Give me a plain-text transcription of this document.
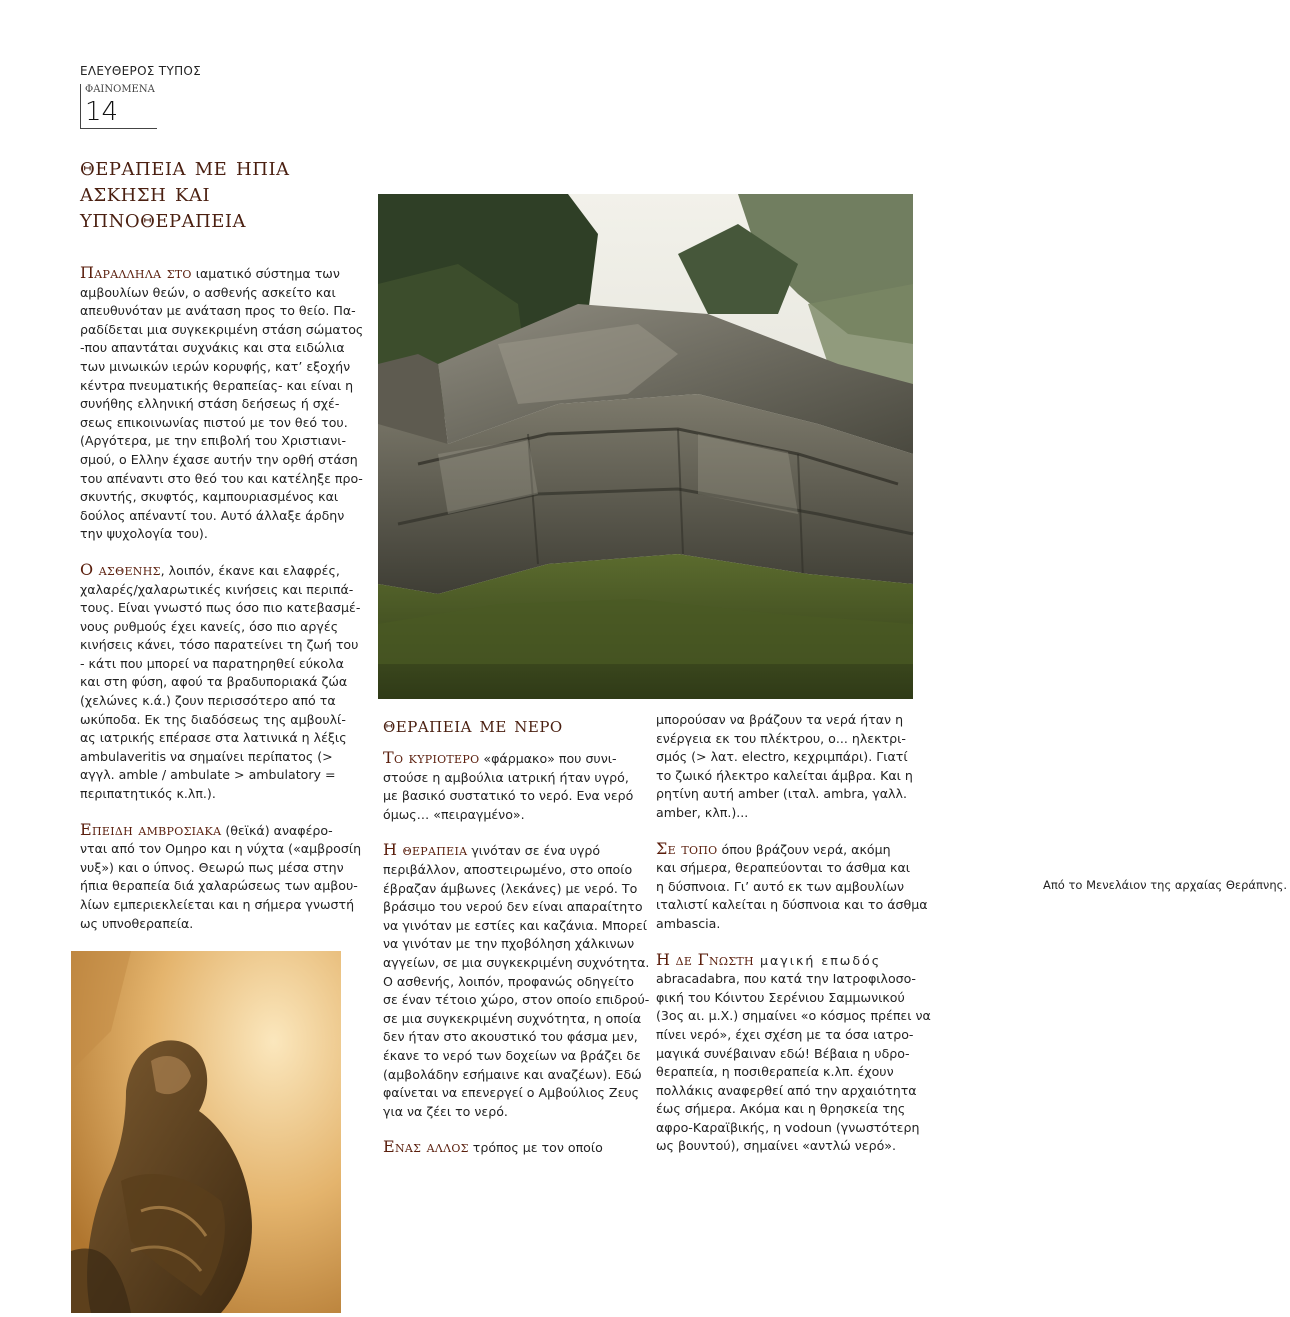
ΕΛΕΥΘΕΡΟΣ ΤΥΠΟΣ
ΦΑΙΝΟΜΕΝΑ
14
θεραπεια με ηπια
ασκηση και
υπνοθεραπεια

Παραλληλα στο ιαματικό σύστημα των
αμβουλίων θεών, ο ασθενής ασκείτο και
απευθυνόταν με ανάταση προς το θείο. Πα-
ραδίδεται μια συγκεκριμένη στάση σώματος
-που απαντάται συχνάκις και στα ειδώλια
των μινωικών ιερών κορυφής, κατ’ εξοχήν
κέντρα πνευματικής θεραπείας- και είναι η
συνήθης ελληνική στάση δεήσεως ή σχέ-
σεως επικοινωνίας πιστού με τον θεό του.
(Αργότερα, με την επιβολή του Χριστιανι-
σμού, ο Ελλην έχασε αυτήν την ορθή στάση
του απέναντι στο θεό του και κατέληξε προ-
σκυντής, σκυφτός, καμπουριασμένος και
δούλος απέναντί του. Αυτό άλλαξε άρδην
την ψυχολογία του).

Ο ασθενης, λοιπόν, έκανε και ελαφρές,
χαλαρές/χαλαρωτικές κινήσεις και περιπά-
τους. Είναι γνωστό πως όσο πιο κατεβασμέ-
νους ρυθμούς έχει κανείς, όσο πιο αργές
κινήσεις κάνει, τόσο παρατείνει τη ζωή του
- κάτι που μπορεί να παρατηρηθεί εύκολα
και στη φύση, αφού τα βραδυποριακά ζώα
(χελώνες κ.ά.) ζουν περισσότερο από τα
ωκύποδα. Εκ της διαδόσεως της αμβουλί-
ας ιατρικής επέρασε στα λατινικά η λέξις
ambulaveritis να σημαίνει περίπατος (>
αγγλ. amble / ambulate > ambulatory =
περιπατητικός κ.λπ.).

Επειδη αμβροσιακα (θεϊκά) αναφέρο-
νται από τον Ομηρο και η νύχτα («αμβροσίη
νυξ») και ο ύπνος. Θεωρώ πως μέσα στην
ήπια θεραπεία διά χαλαρώσεως των αμβου-
λίων εμπεριεκλείεται και η σήμερα γνωστή
ως υπνοθεραπεία.

Από το Μενελάιον της αρχαίας Θεράπνης.
θεραπεια με νερο

Το κυριοτερο «φάρμακο» που συνι-
στούσε η αμβούλια ιατρική ήταν υγρό,
με βασικό συστατικό το νερό. Ενα νερό
όμως… «πειραγμένο».

Η θεραπεια γινόταν σε ένα υγρό
περιβάλλον, αποστειρωμένο, στο οποίο
έβραζαν άμβωνες (λεκάνες) με νερό. Το
βράσιμο του νερού δεν είναι απαραίτητο
να γινόταν με εστίες και καζάνια. Μπορεί
να γινόταν με την πχοβόληση χάλκινων
αγγείων, σε μια συγκεκριμένη συχνότητα.
Ο ασθενής, λοιπόν, προφανώς οδηγείτο
σε έναν τέτοιο χώρο, στον οποίο επιδρού-
σε μια συγκεκριμένη συχνότητα, η οποία
δεν ήταν στο ακουστικό του φάσμα μεν,
έκανε το νερό των δοχείων να βράζει δε
(αμβολάδην εσήμαινε και αναζέων). Εδώ
φαίνεται να επενεργεί ο Αμβούλιος Ζευς
για να ζέει το νερό.

Ενας αλλος τρόπος με τον οποίο

μπορούσαν να βράζουν τα νερά ήταν η
ενέργεια εκ του πλέκτρου, ο... ηλεκτρι-
σμός (> λατ. electro, κεχριμπάρι). Γιατί
το ζωικό ήλεκτρο καλείται άμβρα. Και η
ρητίνη αυτή amber (ιταλ. ambra, γαλλ.
amber, κλπ.)...

Σε τοπο όπου βράζουν νερά, ακόμη
και σήμερα, θεραπεύονται το άσθμα και
η δύσπνοια. Γι’ αυτό εκ των αμβουλίων
ιταλιστί καλείται η δύσπνοια και το άσθμα
ambascia.

Η δε Γνωστη μαγική επωδός
abracadabra, που κατά την Ιατροφιλοσο-
φική του Κόιντου Σερένιου Σαμμωνικού
(3ος αι. μ.Χ.) σημαίνει «ο κόσμος πρέπει να
πίνει νερό», έχει σχέση με τα όσα ιατρο-
μαγικά συνέβαιναν εδώ! Βέβαια η υδρο-
θεραπεία, η ποσιθεραπεία κ.λπ. έχουν
πολλάκις αναφερθεί από την αρχαιότητα
έως σήμερα. Ακόμα και η θρησκεία της
αφρο-Καραϊβικής, η vodoun (γνωστότερη
ως βουντού), σημαίνει «αντλώ νερό».
